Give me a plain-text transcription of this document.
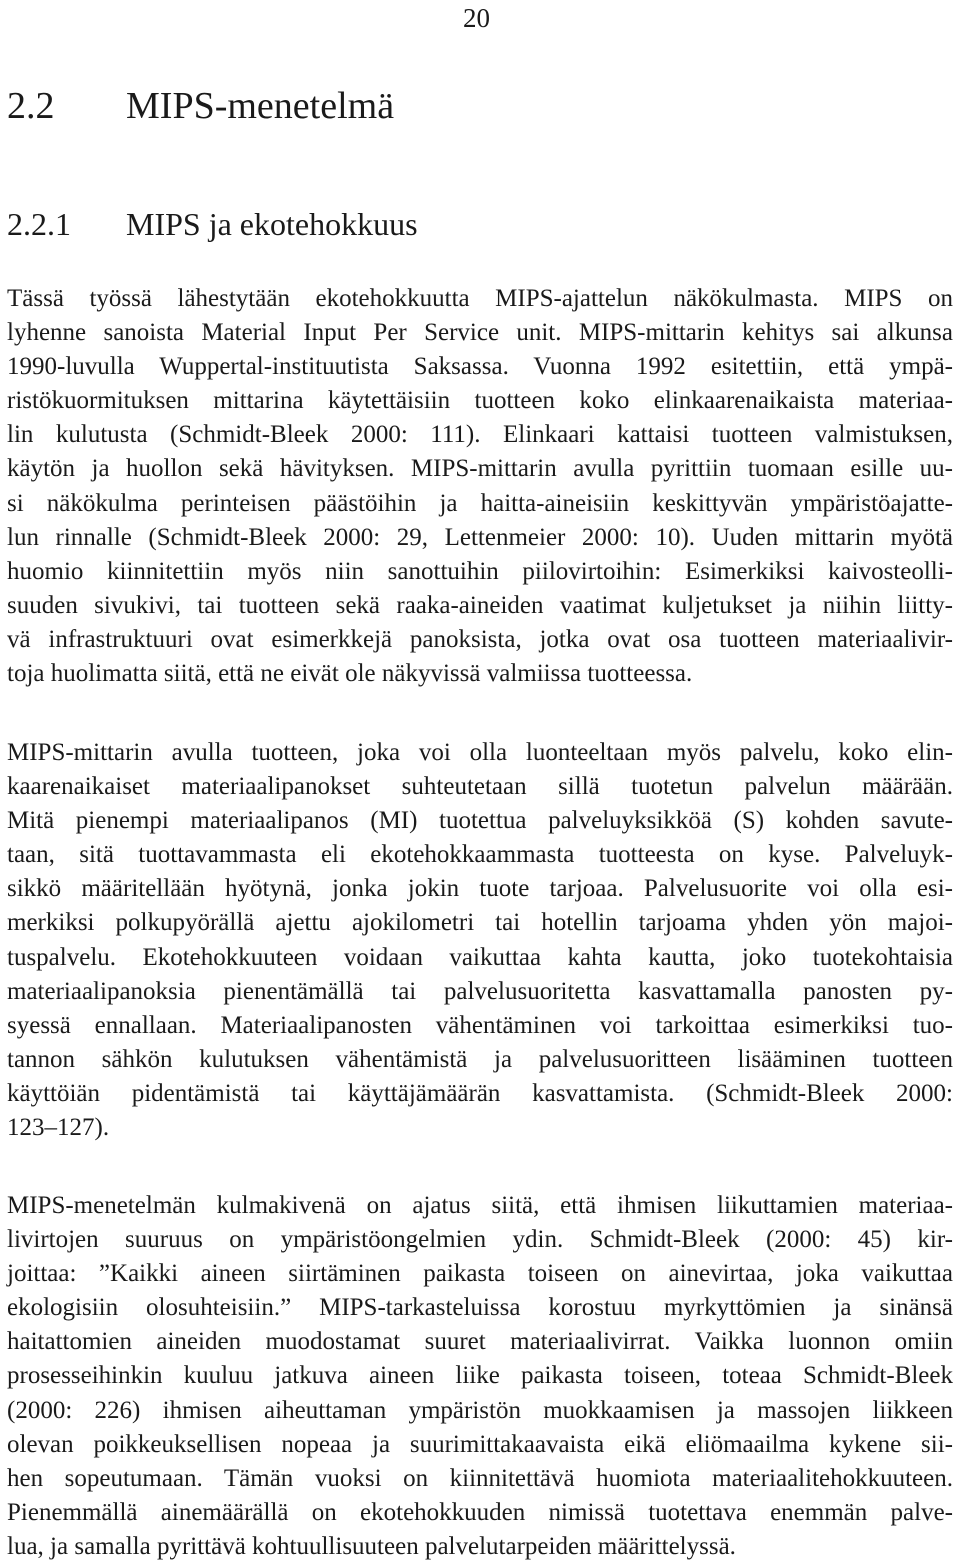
20
2.2 MIPS-menetelmä
2.2.1 MIPS ja ekotehokkuus
Tässä työssä lähestytään ekotehokkuutta MIPS-ajattelun näkökulmasta. MIPS on
lyhenne sanoista Material Input Per Service unit. MIPS-mittarin kehitys sai alkunsa
1990-luvulla Wuppertal-instituutista Saksassa. Vuonna 1992 esitettiin, että ympä-
ristökuormituksen mittarina käytettäisiin tuotteen koko elinkaarenaikaista materiaa-
lin kulutusta (Schmidt-Bleek 2000: 111). Elinkaari kattaisi tuotteen valmistuksen,
käytön ja huollon sekä hävityksen. MIPS-mittarin avulla pyrittiin tuomaan esille uu-
si näkökulma perinteisen päästöihin ja haitta-aineisiin keskittyvän ympäristöajatte-
lun rinnalle (Schmidt-Bleek 2000: 29, Lettenmeier 2000: 10). Uuden mittarin myötä
huomio kiinnitettiin myös niin sanottuihin piilovirtoihin: Esimerkiksi kaivosteolli-
suuden sivukivi, tai tuotteen sekä raaka-aineiden vaatimat kuljetukset ja niihin liitty-
vä infrastruktuuri ovat esimerkkejä panoksista, jotka ovat osa tuotteen materiaalivir-
toja huolimatta siitä, että ne eivät ole näkyvissä valmiissa tuotteessa.
MIPS-mittarin avulla tuotteen, joka voi olla luonteeltaan myös palvelu, koko elin-
kaarenaikaiset materiaalipanokset suhteutetaan sillä tuotetun palvelun määrään.
Mitä pienempi materiaalipanos (MI) tuotettua palveluyksikköä (S) kohden savute-
taan, sitä tuottavammasta eli ekotehokkaammasta tuotteesta on kyse. Palveluyk-
sikkö määritellään hyötynä, jonka jokin tuote tarjoaa. Palvelusuorite voi olla esi-
merkiksi polkupyörällä ajettu ajokilometri tai hotellin tarjoama yhden yön majoi-
tuspalvelu. Ekotehokkuuteen voidaan vaikuttaa kahta kautta, joko tuotekohtaisia
materiaalipanoksia pienentämällä tai palvelusuoritetta kasvattamalla panosten py-
syessä ennallaan. Materiaalipanosten vähentäminen voi tarkoittaa esimerkiksi tuo-
tannon sähkön kulutuksen vähentämistä ja palvelusuoritteen lisääminen tuotteen
käyttöiän pidentämistä tai käyttäjämäärän kasvattamista. (Schmidt-Bleek 2000:
123–127).
MIPS-menetelmän kulmakivenä on ajatus siitä, että ihmisen liikuttamien materiaa-
livirtojen suuruus on ympäristöongelmien ydin. Schmidt-Bleek (2000: 45) kir-
joittaa: ”Kaikki aineen siirtäminen paikasta toiseen on ainevirtaa, joka vaikuttaa
ekologisiin olosuhteisiin.” MIPS-tarkasteluissa korostuu myrkyttömien ja sinänsä
haitattomien aineiden muodostamat suuret materiaalivirrat. Vaikka luonnon omiin
prosesseihinkin kuuluu jatkuva aineen liike paikasta toiseen, toteaa Schmidt-Bleek
(2000: 226) ihmisen aiheuttaman ympäristön muokkaamisen ja massojen liikkeen
olevan poikkeuksellisen nopeaa ja suurimittakaavaista eikä eliömaailma kykene sii-
hen sopeutumaan. Tämän vuoksi on kiinnitettävä huomiota materiaalitehokkuuteen.
Pienemmällä ainemäärällä on ekotehokkuuden nimissä tuotettava enemmän palve-
lua, ja samalla pyrittävä kohtuullisuuteen palvelutarpeiden määrittelyssä.
